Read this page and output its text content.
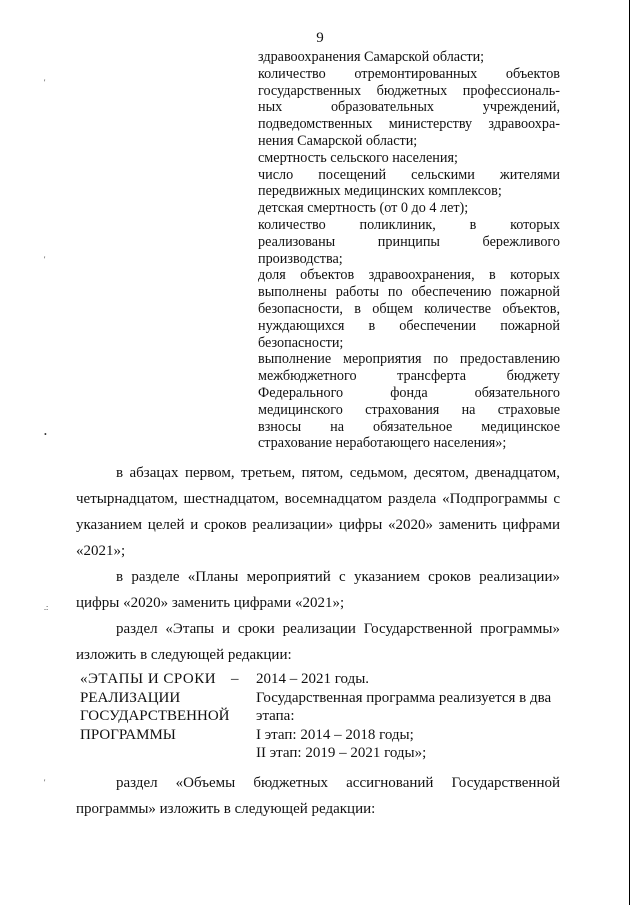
'
'
•
.:
'
9

здравоохранения Самарской области;

количество отремонтированных объектов

государственных бюджетных профессиональ-

ных образовательных учреждений,

подведомственных министерству здравоохра-

нения Самарской области;

смертность сельского населения;

число посещений сельскими жителями

передвижных медицинских комплексов;

детская смертность (от 0 до 4 лет);

количество поликлиник, в которых

реализованы принципы бережливого

производства;

доля объектов здравоохранения, в которых

выполнены работы по обеспечению пожарной

безопасности, в общем количестве объектов,

нуждающихся в обеспечении пожарной

безопасности;

выполнение мероприятия по предоставлению

межбюджетного трансферта бюджету

Федерального фонда обязательного

медицинского страхования на страховые

взносы на обязательное медицинское

страхование неработающего населения»;

в абзацах первом, третьем, пятом, седьмом, десятом, двенадцатом, четырнадцатом, шестнадцатом, восемнадцатом раздела «Подпрограммы с указанием целей и сроков реализации» цифры «2020» заменить цифрами «2021»;

в разделе «Планы мероприятий с указанием сроков реализации» цифры «2020» заменить цифрами «2021»;

раздел «Этапы и сроки реализации Государственной программы» изложить в следующей редакции:

«ЭТАПЫ И СРОКИ
РЕАЛИЗАЦИИ
ГОСУДАРСТВЕННОЙ
ПРОГРАММЫ
– 2014 – 2021 годы.
Государственная программа реализуется в два этапа:
I этап: 2014 – 2018 годы;
II этап: 2019 – 2021 годы»;

раздел «Объемы бюджетных ассигнований Государственной программы» изложить в следующей редакции:
